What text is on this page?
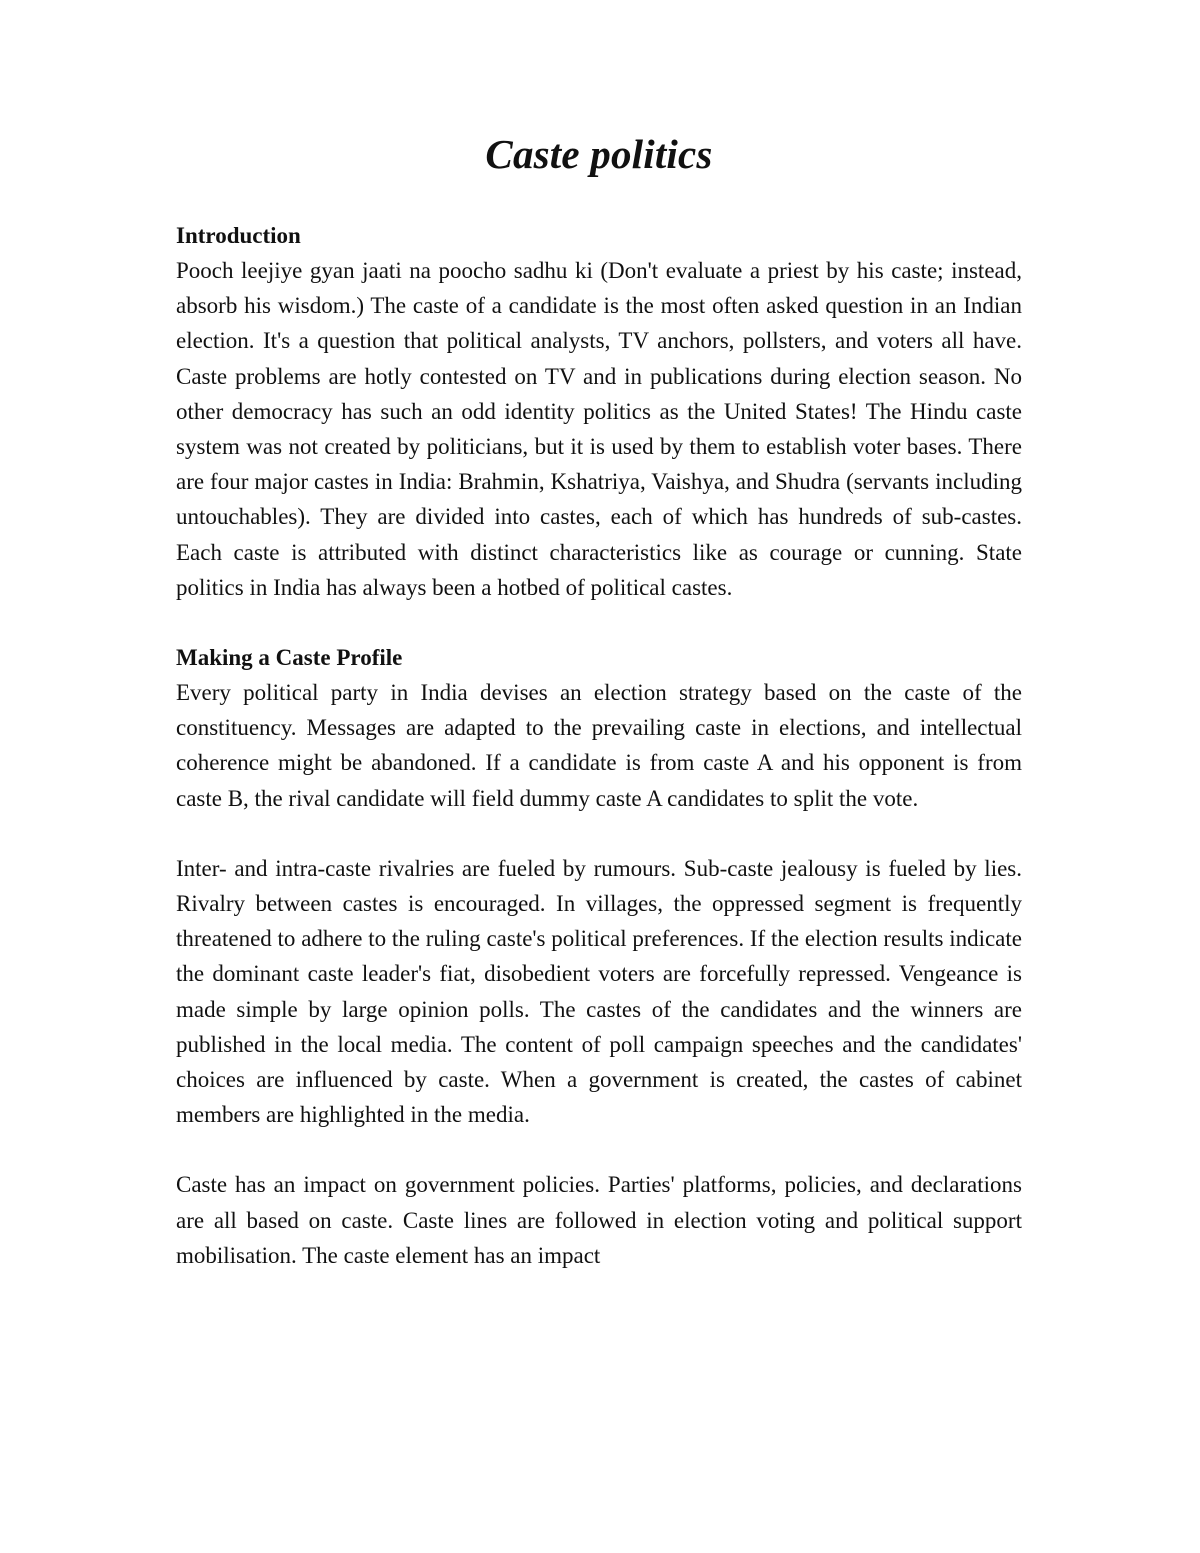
Caste politics
Introduction

Pooch leejiye gyan jaati na poocho sadhu ki (Don't evaluate a priest by his caste; instead, absorb his wisdom.) The caste of a candidate is the most often asked question in an Indian election. It's a question that political analysts, TV anchors, pollsters, and voters all have. Caste problems are hotly contested on TV and in publications during election season. No other democracy has such an odd identity politics as the United States! The Hindu caste system was not created by politicians, but it is used by them to establish voter bases. There are four major castes in India: Brahmin, Kshatriya, Vaishya, and Shudra (servants including untouchables). They are divided into castes, each of which has hundreds of sub-castes. Each caste is attributed with distinct characteristics like as courage or cunning. State politics in India has always been a hotbed of political castes.

Making a Caste Profile

Every political party in India devises an election strategy based on the caste of the constituency. Messages are adapted to the prevailing caste in elections, and intellectual coherence might be abandoned. If a candidate is from caste A and his opponent is from caste B, the rival candidate will field dummy caste A candidates to split the vote.

Inter- and intra-caste rivalries are fueled by rumours. Sub-caste jealousy is fueled by lies. Rivalry between castes is encouraged. In villages, the oppressed segment is frequently threatened to adhere to the ruling caste's political preferences. If the election results indicate the dominant caste leader's fiat, disobedient voters are forcefully repressed. Vengeance is made simple by large opinion polls. The castes of the candidates and the winners are published in the local media. The content of poll campaign speeches and the candidates' choices are influenced by caste. When a government is created, the castes of cabinet members are highlighted in the media.

Caste has an impact on government policies. Parties' platforms, policies, and declarations are all based on caste. Caste lines are followed in election voting and political support mobilisation. The caste element has an impact
